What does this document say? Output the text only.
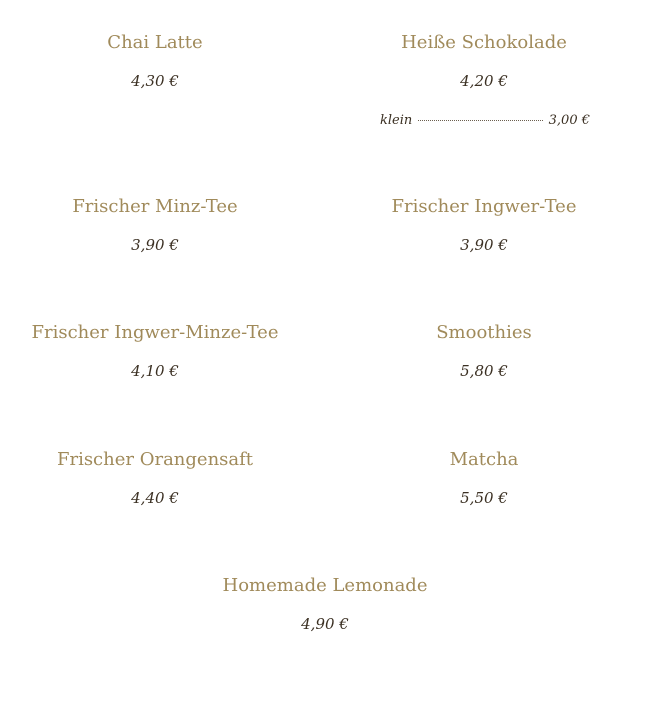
Chai Latte
4,30 €
Heiße Schokolade
4,20 €
klein	3,00 €
Frischer Minz-Tee
3,90 €
Frischer Ingwer-Tee
3,90 €
Frischer Ingwer-Minze-Tee
4,10 €
Smoothies
5,80 €
Frischer Orangensaft
4,40 €
Matcha
5,50 €
Homemade Lemonade
4,90 €
